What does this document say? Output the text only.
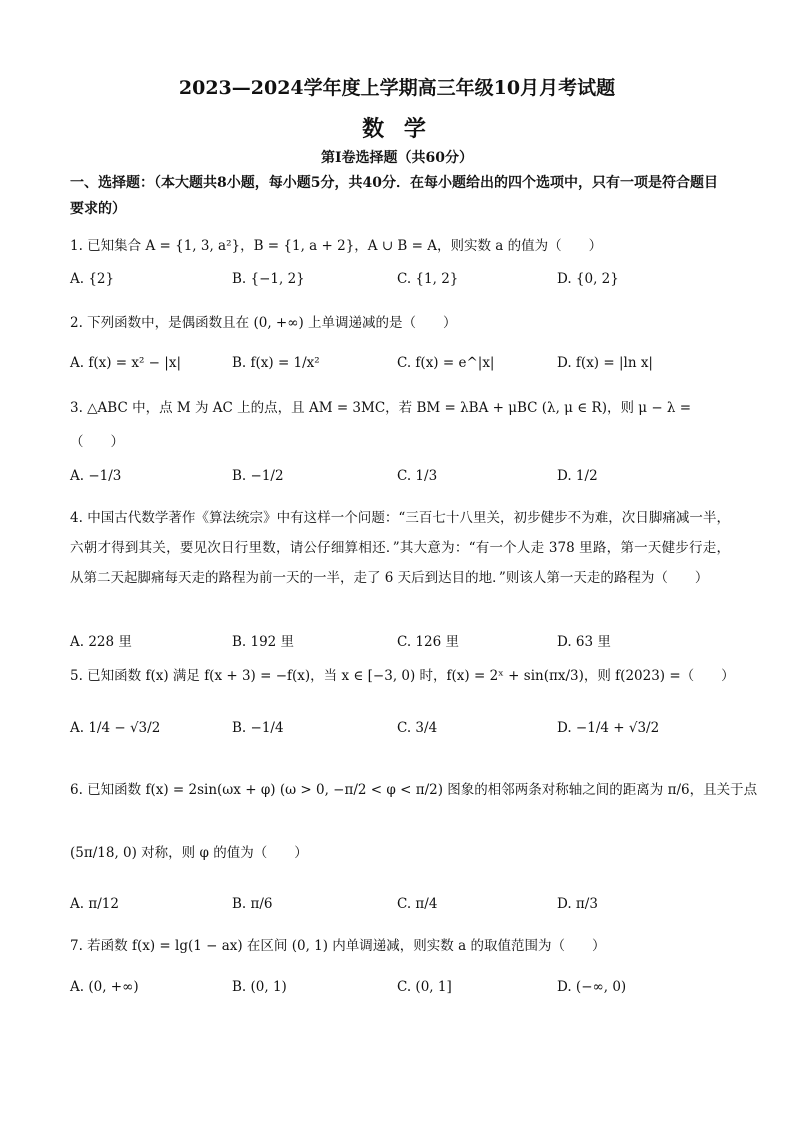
2023—2024学年度上学期高三年级10月月考试题
数 学
第Ⅰ卷选择题（共60分）
一、选择题：（本大题共8小题，每小题5分，共40分．在每小题给出的四个选项中，只有一项是符合题目要求的）
1. 已知集合 A = {1, 3, a²}，B = {1, a + 2}，A ∪ B = A，则实数 a 的值为（　　）
A. {2}	B. {−1, 2}	C. {1, 2}	D. {0, 2}
2. 下列函数中，是偶函数且在 (0, +∞) 上单调递减的是（　　）
A. f(x) = x² − |x|	B. f(x) = 1/x²	C. f(x) = e^|x|	D. f(x) = |ln x|
3. △ABC 中，点 M 为 AC 上的点，且 AM = 3MC，若 BM = λBA + μBC (λ, μ ∈ R)，则 μ − λ =
（　　）
A. −1/3	B. −1/2	C. 1/3	D. 1/2
4. 中国古代数学著作《算法统宗》中有这样一个问题：“三百七十八里关，初步健步不为难，次日脚痛减一半，六朝才得到其关，要见次日行里数，请公仔细算相还．”其大意为：“有一个人走 378 里路，第一天健步行走，从第二天起脚痛每天走的路程为前一天的一半，走了 6 天后到达目的地．”则该人第一天走的路程为（　　）
A. 228 里	B. 192 里	C. 126 里	D. 63 里
5. 已知函数 f(x) 满足 f(x + 3) = −f(x)，当 x ∈ [−3, 0) 时，f(x) = 2ˣ + sin(πx/3)，则 f(2023) =（　　）
A. 1/4 − √3/2	B. −1/4	C. 3/4	D. −1/4 + √3/2
6. 已知函数 f(x) = 2sin(ωx + φ) (ω > 0, −π/2 < φ < π/2) 图象的相邻两条对称轴之间的距离为 π/6，且关于点
(5π/18, 0) 对称，则 φ 的值为（　　）
A. π/12	B. π/6	C. π/4	D. π/3
7. 若函数 f(x) = lg(1 − ax) 在区间 (0, 1) 内单调递减，则实数 a 的取值范围为（　　）
A. (0, +∞)	B. (0, 1)	C. (0, 1]	D. (−∞, 0)
